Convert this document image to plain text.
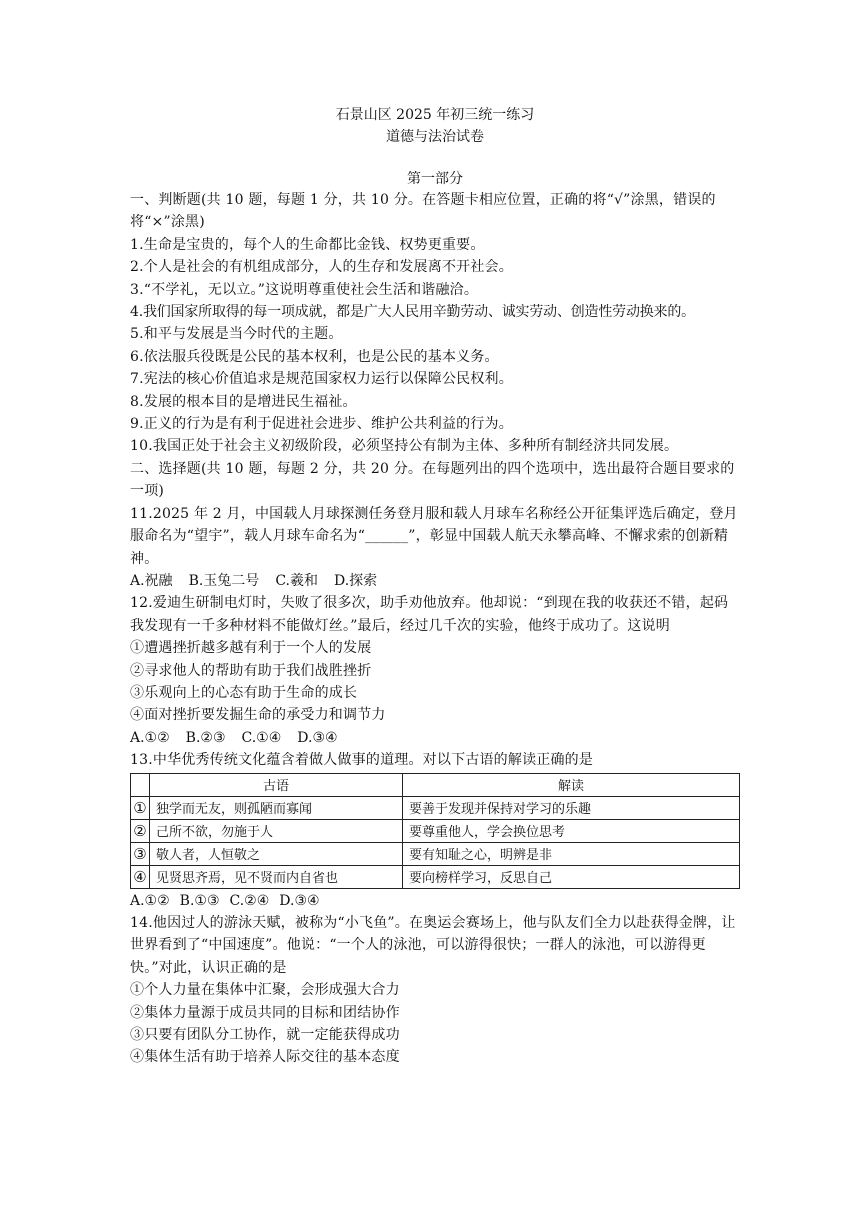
石景山区 2025 年初三统一练习
道德与法治试卷
第一部分

一、判断题(共 10 题，每题 1 分，共 10 分。在答题卡相应位置，正确的将“√”涂黑，错误的将“×”涂黑)

1.生命是宝贵的，每个人的生命都比金钱、权势更重要。

2.个人是社会的有机组成部分，人的生存和发展离不开社会。

3.“不学礼，无以立。”这说明尊重使社会生活和谐融洽。

4.我们国家所取得的每一项成就，都是广大人民用辛勤劳动、诚实劳动、创造性劳动换来的。

5.和平与发展是当今时代的主题。

6.依法服兵役既是公民的基本权利，也是公民的基本义务。

7.宪法的核心价值追求是规范国家权力运行以保障公民权利。

8.发展的根本目的是增进民生福祉。

9.正义的行为是有利于促进社会进步、维护公共利益的行为。

10.我国正处于社会主义初级阶段，必须坚持公有制为主体、多种所有制经济共同发展。

二、选择题(共 10 题，每题 2 分，共 20 分。在每题列出的四个选项中，选出最符合题目要求的一项)

11.2025 年 2 月，中国载人月球探测任务登月服和载人月球车名称经公开征集评选后确定，登月服命名为“望宇”，载人月球车命名为“______”，彰显中国载人航天永攀高峰、不懈求索的创新精神。

A.祝融 B.玉兔二号 C.羲和 D.探索

12.爱迪生研制电灯时，失败了很多次，助手劝他放弃。他却说：“到现在我的收获还不错，起码我发现有一千多种材料不能做灯丝。”最后，经过几千次的实验，他终于成功了。这说明

①遭遇挫折越多越有利于一个人的发展

②寻求他人的帮助有助于我们战胜挫折

③乐观向上的心态有助于生命的成长

④面对挫折要发掘生命的承受力和调节力

A.①② B.②③ C.①④ D.③④

13.中华优秀传统文化蕴含着做人做事的道理。对以下古语的解读正确的是

	古语	解读
①	独学而无友，则孤陋而寡闻	要善于发现并保持对学习的乐趣
②	己所不欲，勿施于人	要尊重他人，学会换位思考
③	敬人者，人恒敬之	要有知耻之心，明辨是非
④	见贤思齐焉，见不贤而内自省也	要向榜样学习，反思自己
A.①② B.①③ C.②④ D.③④

14.他因过人的游泳天赋，被称为“小飞鱼”。在奥运会赛场上，他与队友们全力以赴获得金牌，让世界看到了“中国速度”。他说：“一个人的泳池，可以游得很快；一群人的泳池，可以游得更快。”对此，认识正确的是

①个人力量在集体中汇聚，会形成强大合力

②集体力量源于成员共同的目标和团结协作

③只要有团队分工协作，就一定能获得成功

④集体生活有助于培养人际交往的基本态度
